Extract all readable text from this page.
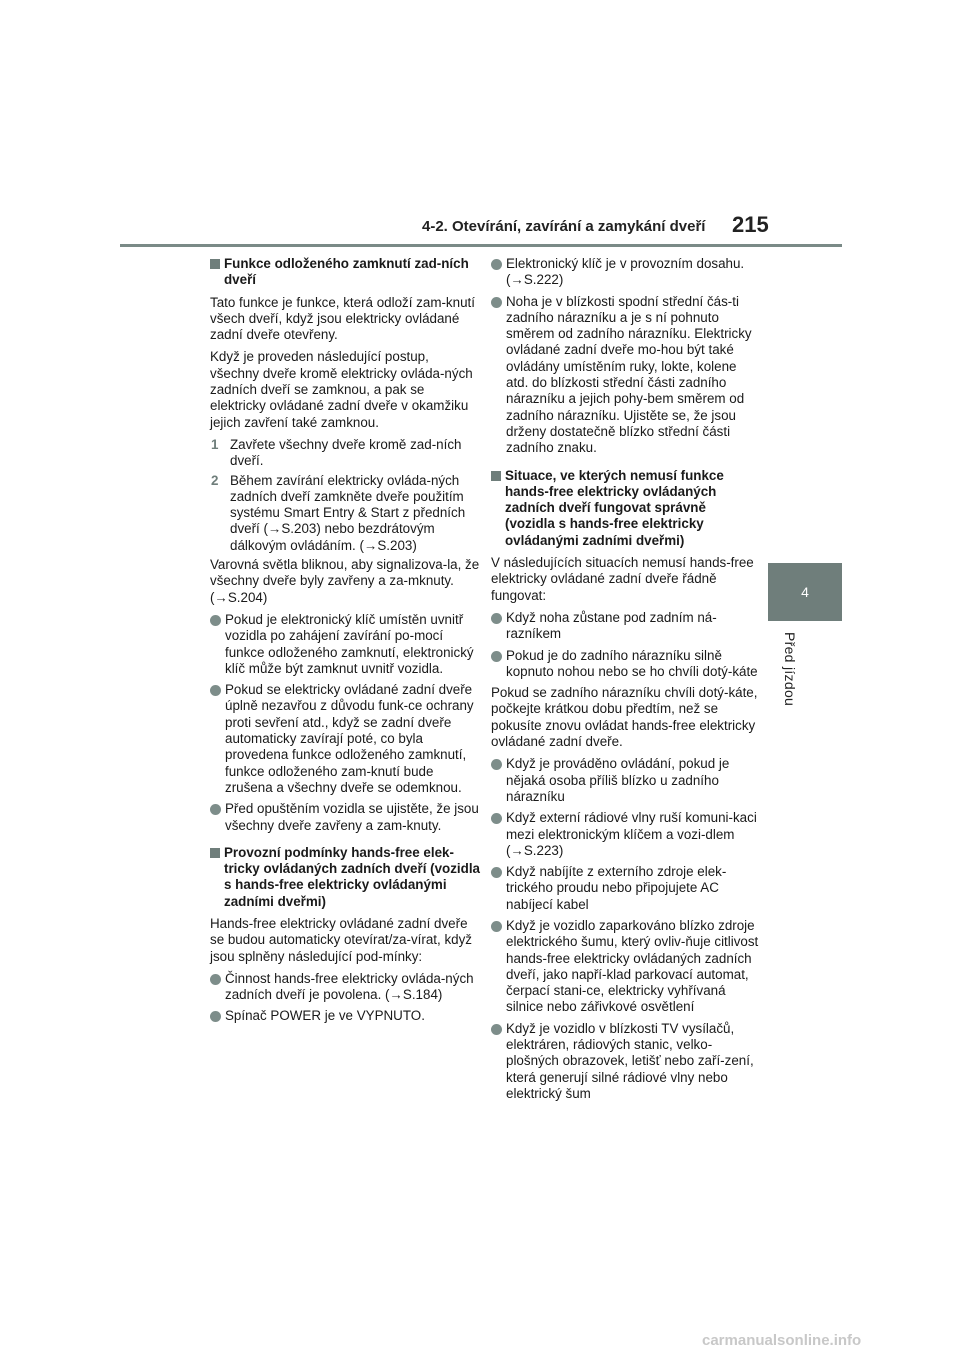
4-2. Otevírání, zavírání a zamykání dveří 215
4
Před jízdou
Funkce odloženého zamknutí zad-ních dveří

Tato funkce je funkce, která odloží zam-knutí všech dveří, když jsou elektricky ovládané zadní dveře otevřeny.

Když je proveden následující postup, všechny dveře kromě elektricky ovláda-ných zadních dveří se zamknou, a pak se elektricky ovládané zadní dveře v okamžiku jejich zavření také zamknou.

1 Zavřete všechny dveře kromě zad-ních dveří.
2 Během zavírání elektricky ovláda-ných zadních dveří zamkněte dveře použitím systému Smart Entry & Start z předních dveří (→S.203) nebo bezdrátovým dálkovým ovládáním. (→S.203)

Varovná světla bliknou, aby signalizova-la, že všechny dveře byly zavřeny a za-mknuty. (→S.204)

Pokud je elektronický klíč umístěn uvnitř vozidla po zahájení zavírání po-mocí funkce odloženého zamknutí, elektronický klíč může být zamknut uvnitř vozidla.
Pokud se elektricky ovládané zadní dveře úplně nezavřou z důvodu funk-ce ochrany proti sevření atd., když se zadní dveře automaticky zavírají poté, co byla provedena funkce odloženého zamknutí, funkce odloženého zam-knutí bude zrušena a všechny dveře se odemknou.
Před opuštěním vozidla se ujistěte, že jsou všechny dveře zavřeny a zam-knuty.
Provozní podmínky hands-free elek-tricky ovládaných zadních dveří (vozidla s hands-free elektricky ovládanými zadními dveřmi)

Hands-free elektricky ovládané zadní dveře se budou automaticky otevírat/za-vírat, když jsou splněny následující pod-mínky:

Činnost hands-free elektricky ovláda-ných zadních dveří je povolena. (→S.184)
Spínač POWER je ve VYPNUTO.
Elektronický klíč je v provozním dosahu. (→S.222)
Noha je v blízkosti spodní střední čás-ti zadního nárazníku a je s ní pohnuto směrem od zadního nárazníku. Elektricky ovládané zadní dveře mo-hou být také ovládány umístěním ruky, lokte, kolene atd. do blízkosti střední části zadního nárazníku a jejich pohy-bem směrem od zadního nárazníku. Ujistěte se, že jsou drženy dostatečně blízko střední části zadního znaku.
Situace, ve kterých nemusí funkce hands-free elektricky ovládaných zadních dveří fungovat správně (vozidla s hands-free elektricky ovládanými zadními dveřmi)

V následujících situacích nemusí hands-free elektricky ovládané zadní dveře řádně fungovat:

Když noha zůstane pod zadním ná-razníkem
Pokud je do zadního nárazníku silně kopnuto nohou nebo se ho chvíli dotý-káte

Pokud se zadního nárazníku chvíli dotý-káte, počkejte krátkou dobu předtím, než se pokusíte znovu ovládat hands-free elektricky ovládané zadní dveře.

Když je prováděno ovládání, pokud je nějaká osoba příliš blízko u zadního nárazníku
Když externí rádiové vlny ruší komuni-kaci mezi elektronickým klíčem a vozi-dlem (→S.223)
Když nabíjíte z externího zdroje elek-trického proudu nebo připojujete AC nabíjecí kabel
Když je vozidlo zaparkováno blízko zdroje elektrického šumu, který ovliv-ňuje citlivost hands-free elektricky ovládaných zadních dveří, jako napří-klad parkovací automat, čerpací stani-ce, elektricky vyhřívaná silnice nebo zářivkové osvětlení
Když je vozidlo v blízkosti TV vysílačů, elektráren, rádiových stanic, velko-plošných obrazovek, letišť nebo zaří-zení, která generují silné rádiové vlny nebo elektrický šum
carmanualsonline.info
